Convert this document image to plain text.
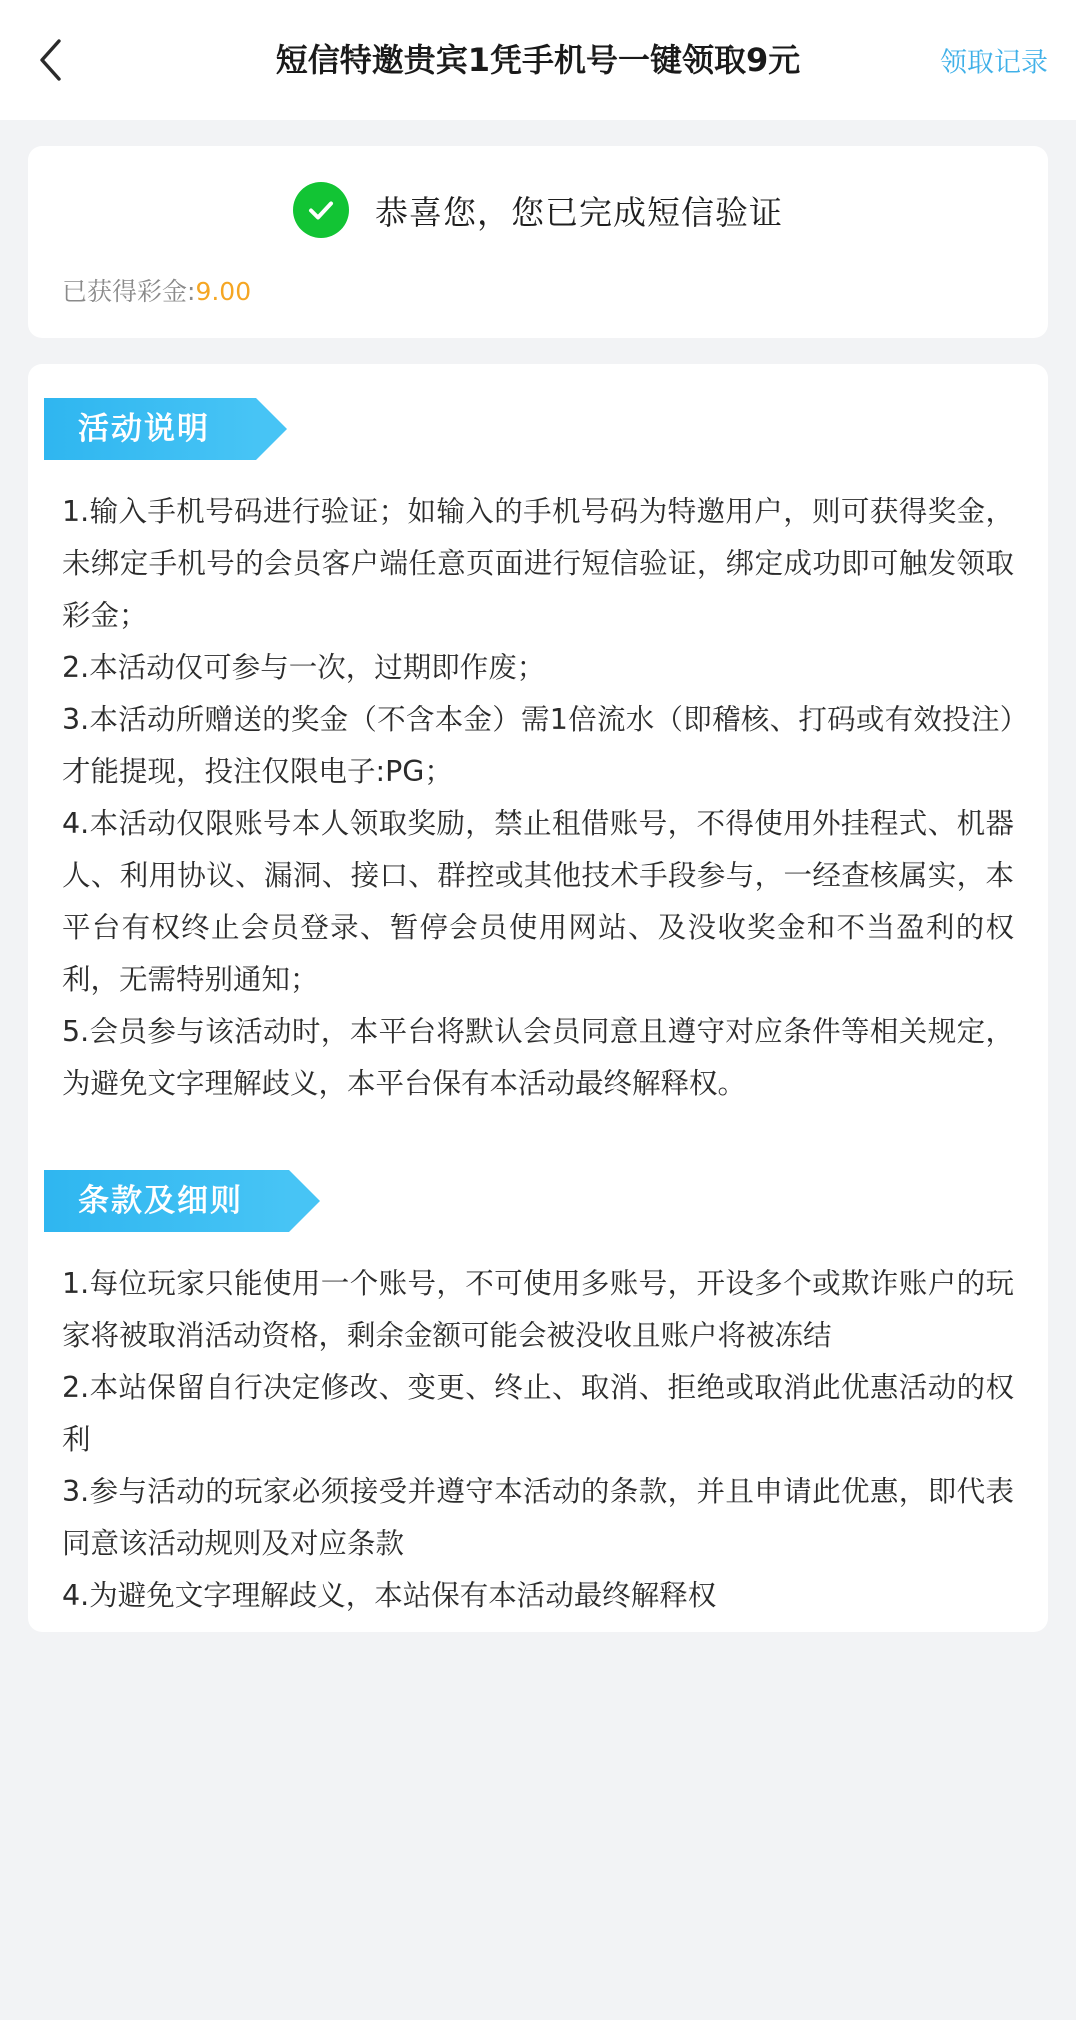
短信特邀贵宾1凭手机号一键领取9元	领取记录
恭喜您，您已完成短信验证
已获得彩金:9.00
活动说明

1.输入手机号码进行验证；如输入的手机号码为特邀用户，则可获得奖金，未绑定手机号的会员客户端任意页面进行短信验证，绑定成功即可触发领取彩金；

2.本活动仅可参与一次，过期即作废；

3.本活动所赠送的奖金（不含本金）需1倍流水（即稽核、打码或有效投注）才能提现，投注仅限电子:PG；

4.本活动仅限账号本人领取奖励，禁止租借账号，不得使用外挂程式、机器人、利用协议、漏洞、接口、群控或其他技术手段参与，一经查核属实，本平台有权终止会员登录、暂停会员使用网站、及没收奖金和不当盈利的权利，无需特别通知；

5.会员参与该活动时，本平台将默认会员同意且遵守对应条件等相关规定，为避免文字理解歧义，本平台保有本活动最终解释权。

条款及细则

1.每位玩家只能使用一个账号，不可使用多账号，开设多个或欺诈账户的玩家将被取消活动资格，剩余金额可能会被没收且账户将被冻结

2.本站保留自行决定修改、变更、终止、取消、拒绝或取消此优惠活动的权利

3.参与活动的玩家必须接受并遵守本活动的条款，并且申请此优惠，即代表同意该活动规则及对应条款

4.为避免文字理解歧义，本站保有本活动最终解释权
